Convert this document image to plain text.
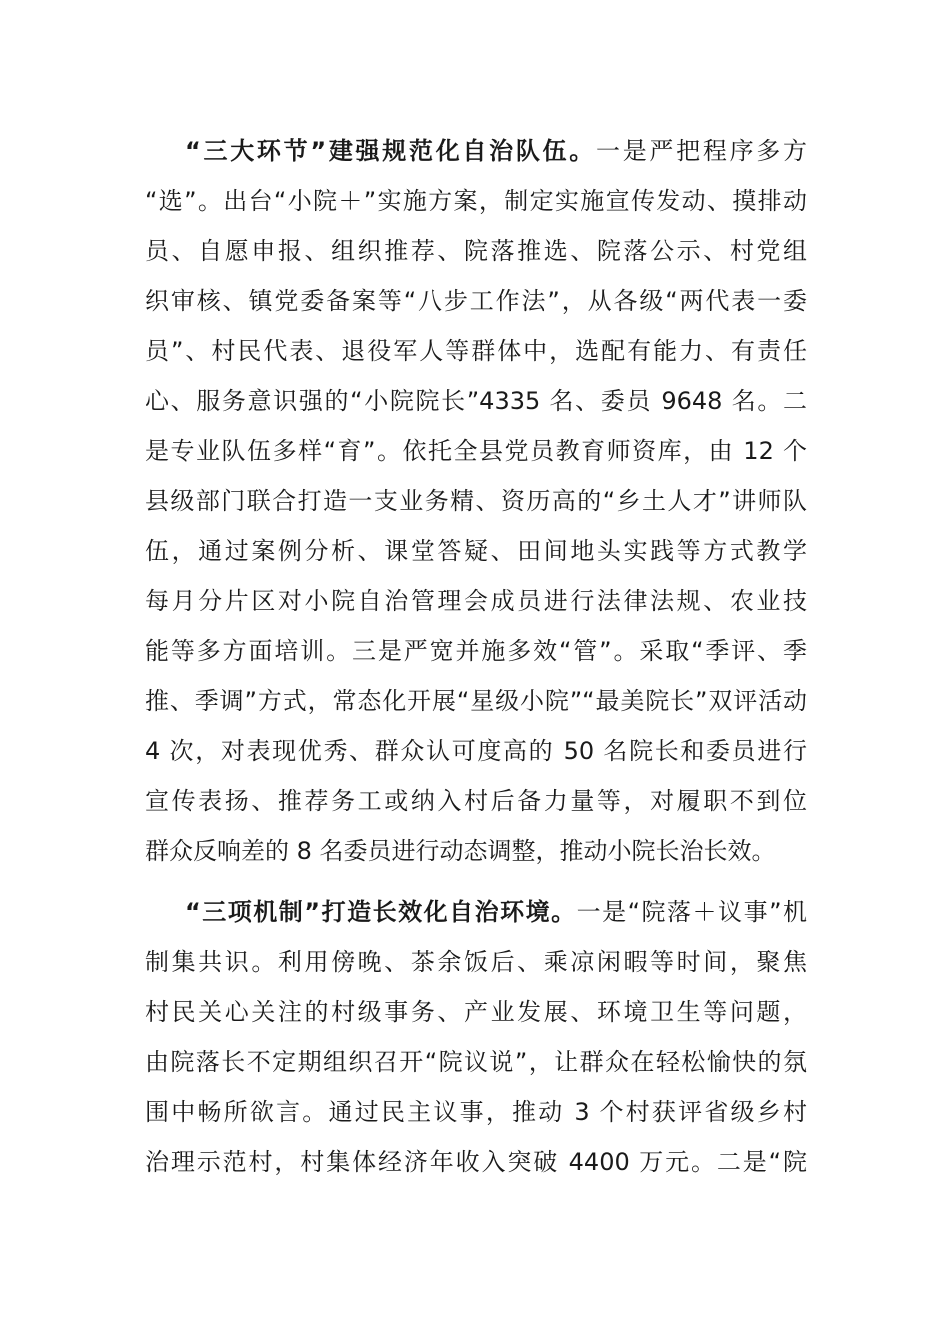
“三大环节”建强规范化自治队伍。一是严把程序多方
“选”。出台“小院＋”实施方案，制定实施宣传发动、摸排动
员、自愿申报、组织推荐、院落推选、院落公示、村党组
织审核、镇党委备案等“八步工作法”，从各级“两代表一委
员”、村民代表、退役军人等群体中，选配有能力、有责任
心、服务意识强的“小院院长”4335 名、委员 9648 名。二
是专业队伍多样“育”。依托全县党员教育师资库，由 12 个
县级部门联合打造一支业务精、资历高的“乡土人才”讲师队
伍，通过案例分析、课堂答疑、田间地头实践等方式教学
每月分片区对小院自治管理会成员进行法律法规、农业技
能等多方面培训。三是严宽并施多效“管”。采取“季评、季
推、季调”方式，常态化开展“星级小院”“最美院长”双评活动
4 次，对表现优秀、群众认可度高的 50 名院长和委员进行
宣传表扬、推荐务工或纳入村后备力量等，对履职不到位
群众反响差的 8 名委员进行动态调整，推动小院长治长效。
“三项机制”打造长效化自治环境。一是“院落＋议事”机
制集共识。利用傍晚、茶余饭后、乘凉闲暇等时间，聚焦
村民关心关注的村级事务、产业发展、环境卫生等问题，
由院落长不定期组织召开“院议说”，让群众在轻松愉快的氛
围中畅所欲言。通过民主议事，推动 3 个村获评省级乡村
治理示范村，村集体经济年收入突破 4400 万元。二是“院
